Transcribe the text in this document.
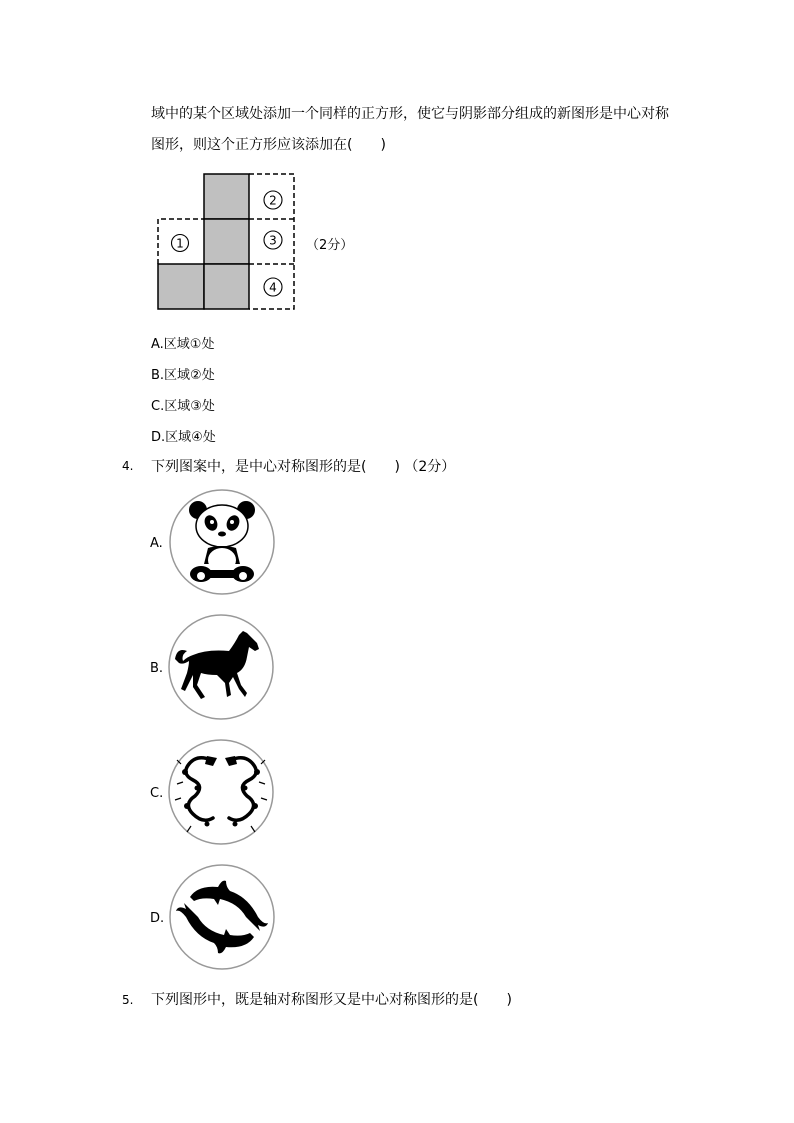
域中的某个区域处添加一个同样的正方形，使它与阴影部分组成的新图形是中心对称
图形，则这个正方形应该添加在(　　)
1
2
3
4
（2分）
A.区域①处
B.区域②处
C.区域③处
D.区域④处
4. 下列图案中，是中心对称图形的是(　　) （2分）
A.
B.
C.
D.
5. 下列图形中，既是轴对称图形又是中心对称图形的是(　　)
